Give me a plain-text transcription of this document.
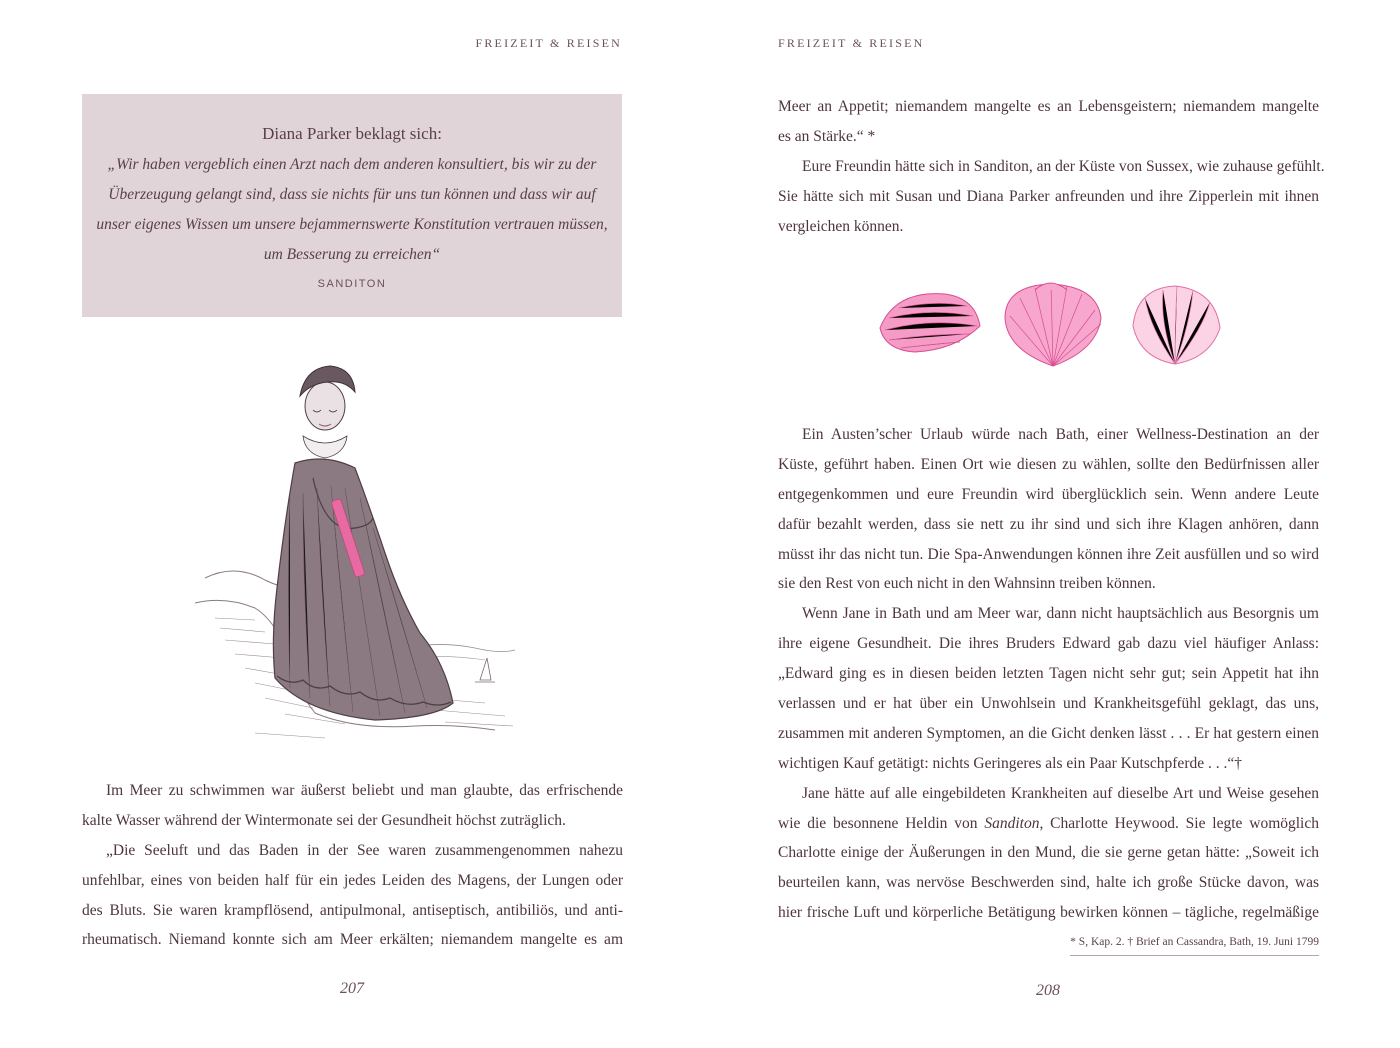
FREIZEIT & REISEN
Diana Parker beklagt sich:
„Wir haben vergeblich einen Arzt nach dem anderen konsultiert, bis wir zu der
Überzeugung gelangt sind, dass sie nichts für uns tun können und dass wir auf
unser eigenes Wissen um unsere bejammernswerte Konstitution vertrauen müssen,
um Besserung zu erreichen“
SANDITON
Im Meer zu schwimmen war äußerst beliebt und man glaubte, das erfrischende
kalte Wasser während der Wintermonate sei der Gesundheit höchst zuträglich.
„Die Seeluft und das Baden in der See waren zusammengenommen nahezu
unfehlbar, eines von beiden half für ein jedes Leiden des Magens, der Lungen oder
des Bluts. Sie waren krampflösend, antipulmonal, antiseptisch, antibiliös, und anti-
rheumatisch. Niemand konnte sich am Meer erkälten; niemandem mangelte es am
207
FREIZEIT & REISEN
Meer an Appetit; niemandem mangelte es an Lebensgeistern; niemandem mangelte
es an Stärke.“ *
Eure Freundin hätte sich in Sanditon, an der Küste von Sussex, wie zuhause gefühlt.
Sie hätte sich mit Susan und Diana Parker anfreunden und ihre Zipperlein mit ihnen
vergleichen können.
Ein Austen’scher Urlaub würde nach Bath, einer Wellness-Destination an der
Küste, geführt haben. Einen Ort wie diesen zu wählen, sollte den Bedürfnissen aller
entgegenkommen und eure Freundin wird überglücklich sein. Wenn andere Leute
dafür bezahlt werden, dass sie nett zu ihr sind und sich ihre Klagen anhören, dann
müsst ihr das nicht tun. Die Spa-Anwendungen können ihre Zeit ausfüllen und so wird
sie den Rest von euch nicht in den Wahnsinn treiben können.
Wenn Jane in Bath und am Meer war, dann nicht hauptsächlich aus Besorgnis um
ihre eigene Gesundheit. Die ihres Bruders Edward gab dazu viel häufiger Anlass:
„Edward ging es in diesen beiden letzten Tagen nicht sehr gut; sein Appetit hat ihn
verlassen und er hat über ein Unwohlsein und Krankheitsgefühl geklagt, das uns,
zusammen mit anderen Symptomen, an die Gicht denken lässt . . . Er hat gestern einen
wichtigen Kauf getätigt: nichts Geringeres als ein Paar Kutschpferde . . .“†
Jane hätte auf alle eingebildeten Krankheiten auf dieselbe Art und Weise gesehen
wie die besonnene Heldin von Sanditon, Charlotte Heywood. Sie legte womöglich
Charlotte einige der Äußerungen in den Mund, die sie gerne getan hätte: „Soweit ich
beurteilen kann, was nervöse Beschwerden sind, halte ich große Stücke davon, was
hier frische Luft und körperliche Betätigung bewirken können – tägliche, regelmäßige
* S, Kap. 2. † Brief an Cassandra, Bath, 19. Juni 1799
208
